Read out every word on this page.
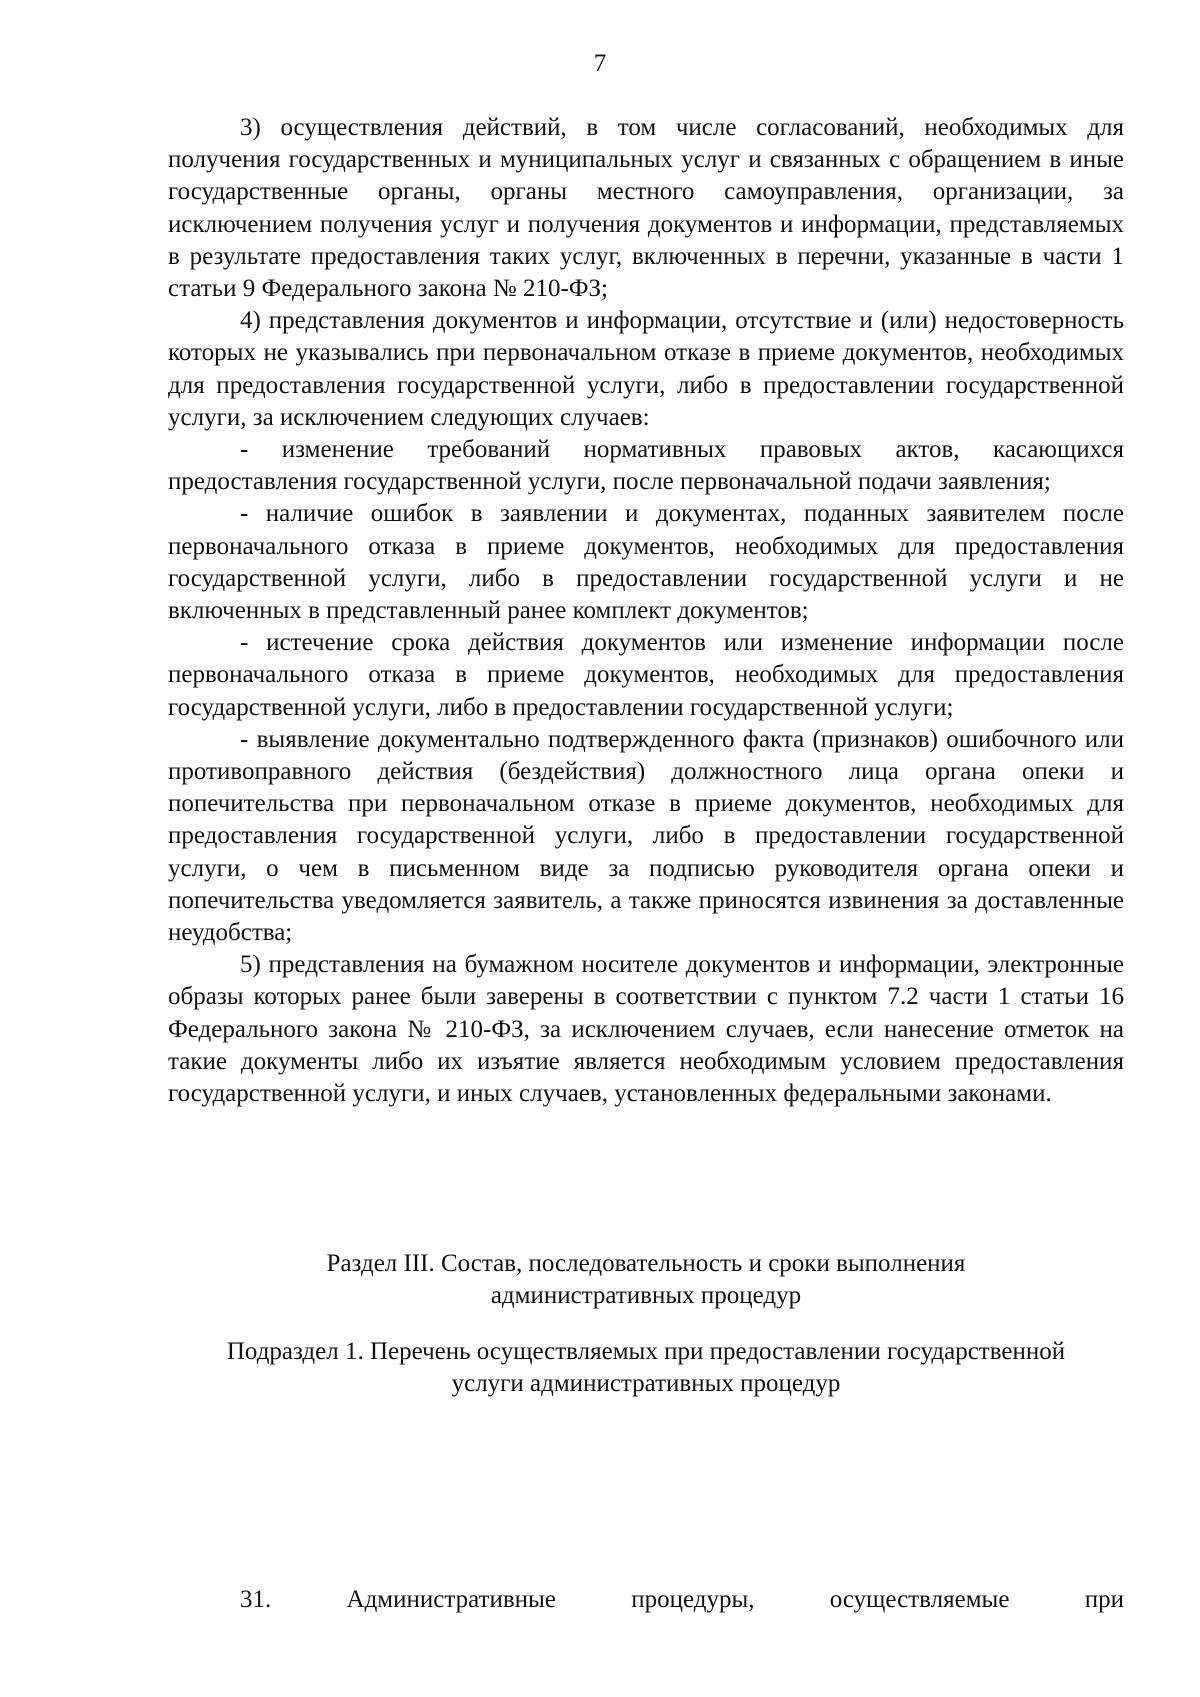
7

3) осуществления действий, в том числе согласований, необходимых для получения государственных и муниципальных услуг и связанных с обращением в иные государственные органы, органы местного самоуправления, организации, за исключением получения услуг и получения документов и информации, представляемых в результате предоставления таких услуг, включенных в перечни, указанные в части 1 статьи 9 Федерального закона № 210-ФЗ;

4) представления документов и информации, отсутствие и (или) недостоверность которых не указывались при первоначальном отказе в приеме документов, необходимых для предоставления государственной услуги, либо в предоставлении государственной услуги, за исключением следующих случаев:

- изменение требований нормативных правовых актов, касающихся предоставления государственной услуги, после первоначальной подачи заявления;

- наличие ошибок в заявлении и документах, поданных заявителем после первоначального отказа в приеме документов, необходимых для предоставления государственной услуги, либо в предоставлении государственной услуги и не включенных в представленный ранее комплект документов;

- истечение срока действия документов или изменение информации после первоначального отказа в приеме документов, необходимых для предоставления государственной услуги, либо в предоставлении государственной услуги;

- выявление документально подтвержденного факта (признаков) ошибочного или противоправного действия (бездействия) должностного лица органа опеки и попечительства при первоначальном отказе в приеме документов, необходимых для предоставления государственной услуги, либо в предоставлении государственной услуги, о чем в письменном виде за подписью руководителя органа опеки и попечительства уведомляется заявитель, а также приносятся извинения за доставленные неудобства;

5) представления на бумажном носителе документов и информации, электронные образы которых ранее были заверены в соответствии с пунктом 7.2 части 1 статьи 16 Федерального закона № 210-ФЗ, за исключением случаев, если нанесение отметок на такие документы либо их изъятие является необходимым условием предоставления государственной услуги, и иных случаев, установленных федеральными законами.

Раздел III. Состав, последовательность и сроки выполнения
административных процедур
Подраздел 1. Перечень осуществляемых при предоставлении государственной
услуги административных процедур
31.	Административные	процедуры,	осуществляемые	при
